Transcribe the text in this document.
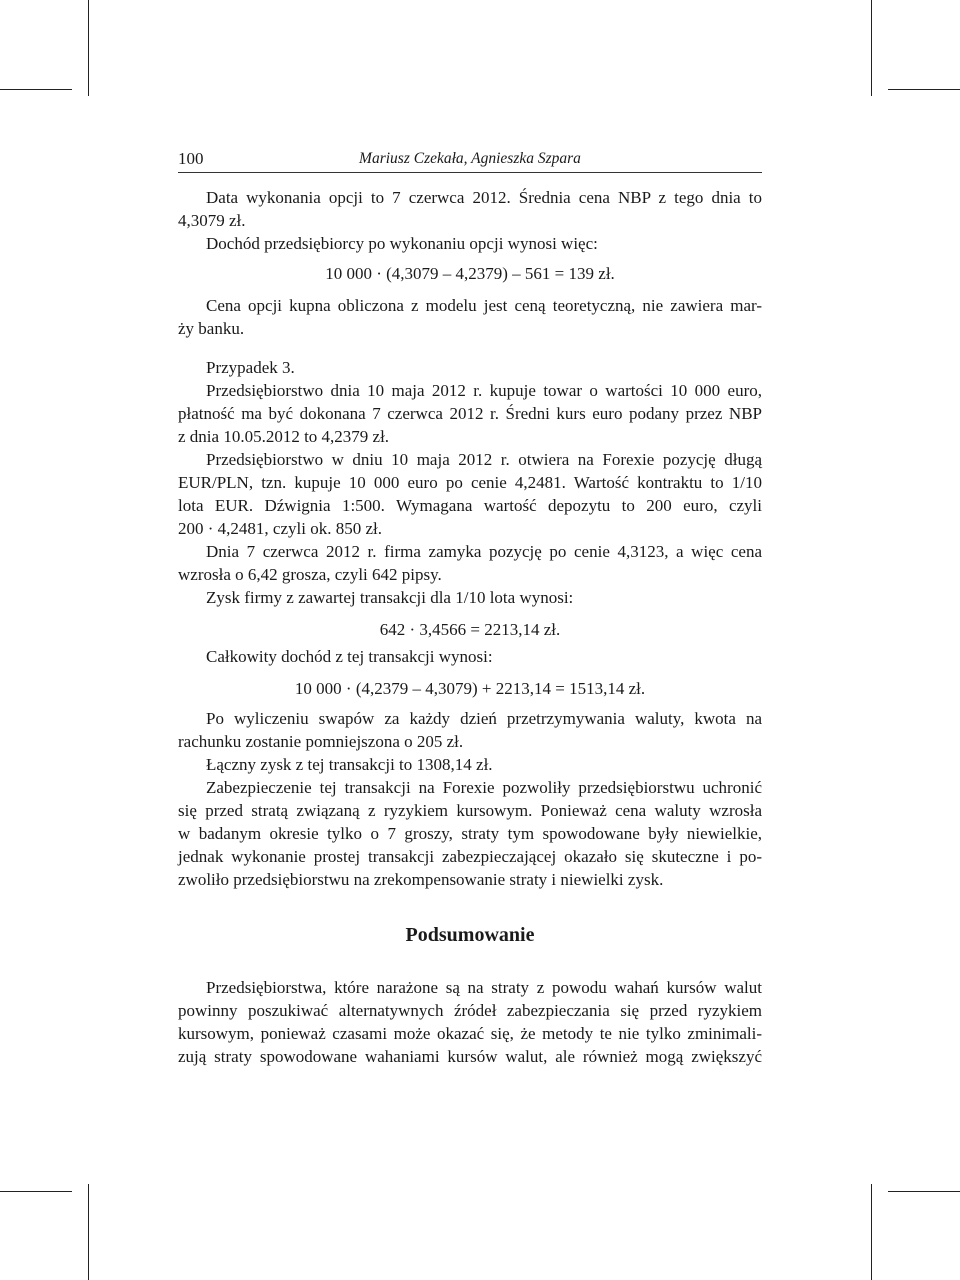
100	Mariusz Czekała, Agnieszka Szpara
Data wykonania opcji to 7 czerwca 2012. Średnia cena NBP z tego dnia to
4,3079 zł.
Dochód przedsiębiorcy po wykonaniu opcji wynosi więc:
10 000 · (4,3079 – 4,2379) – 561 = 139 zł.
Cena opcji kupna obliczona z modelu jest ceną teoretyczną, nie zawiera mar-
ży banku.
Przypadek 3.
Przedsiębiorstwo dnia 10 maja 2012 r. kupuje towar o wartości 10 000 euro,
płatność ma być dokonana 7 czerwca 2012 r. Średni kurs euro podany przez NBP
z dnia 10.05.2012 to 4,2379 zł.
Przedsiębiorstwo w dniu 10 maja 2012 r. otwiera na Forexie pozycję długą
EUR/PLN, tzn. kupuje 10 000 euro po cenie 4,2481. Wartość kontraktu to 1/10
lota EUR. Dźwignia 1:500. Wymagana wartość depozytu to 200 euro, czyli
200 · 4,2481, czyli ok. 850 zł.
Dnia 7 czerwca 2012 r. firma zamyka pozycję po cenie 4,3123, a więc cena
wzrosła o 6,42 grosza, czyli 642 pipsy.
Zysk firmy z zawartej transakcji dla 1/10 lota wynosi:
642 · 3,4566 = 2213,14 zł.
Całkowity dochód z tej transakcji wynosi:
10 000 · (4,2379 – 4,3079) + 2213,14 = 1513,14 zł.
Po wyliczeniu swapów za każdy dzień przetrzymywania waluty, kwota na
rachunku zostanie pomniejszona o 205 zł.
Łączny zysk z tej transakcji to 1308,14 zł.
Zabezpieczenie tej transakcji na Forexie pozwoliły przedsiębiorstwu uchronić
się przed stratą związaną z ryzykiem kursowym. Ponieważ cena waluty wzrosła
w badanym okresie tylko o 7 groszy, straty tym spowodowane były niewielkie,
jednak wykonanie prostej transakcji zabezpieczającej okazało się skuteczne i po-
zwoliło przedsiębiorstwu na zrekompensowanie straty i niewielki zysk.
Podsumowanie
Przedsiębiorstwa, które narażone są na straty z powodu wahań kursów walut
powinny poszukiwać alternatywnych źródeł zabezpieczania się przed ryzykiem
kursowym, ponieważ czasami może okazać się, że metody te nie tylko zminimali-
zują straty spowodowane wahaniami kursów walut, ale również mogą zwiększyć
